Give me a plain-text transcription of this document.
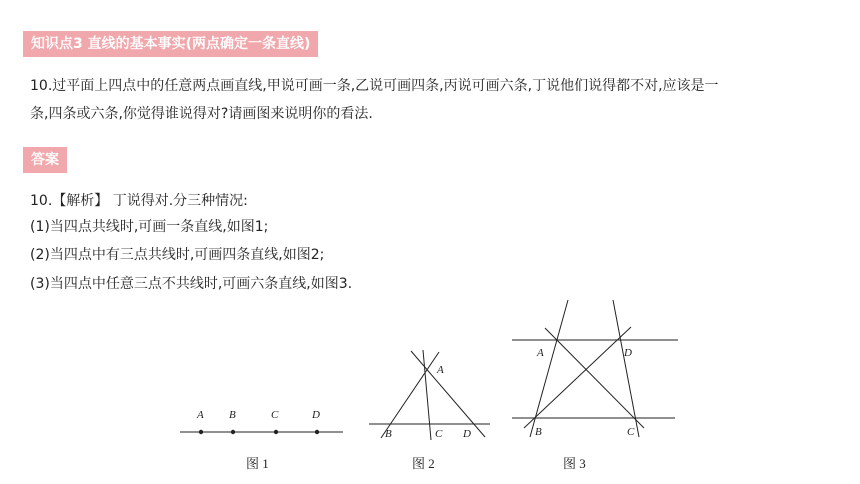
知识点3 直线的基本事实(两点确定一条直线)
10.过平面上四点中的任意两点画直线,甲说可画一条,乙说可画四条,丙说可画六条,丁说他们说得都不对,应该是一
条,四条或六条,你觉得谁说得对?请画图来说明你的看法.
答案
10.【解析】 丁说得对.分三种情况:
(1)当四点共线时,可画一条直线,如图1;
(2)当四点中有三点共线时,可画四条直线,如图2;
(3)当四点中任意三点不共线时,可画六条直线,如图3.
A B	C	D
图 1
A
B	C D
图 2
A	D
B	C
图 3
